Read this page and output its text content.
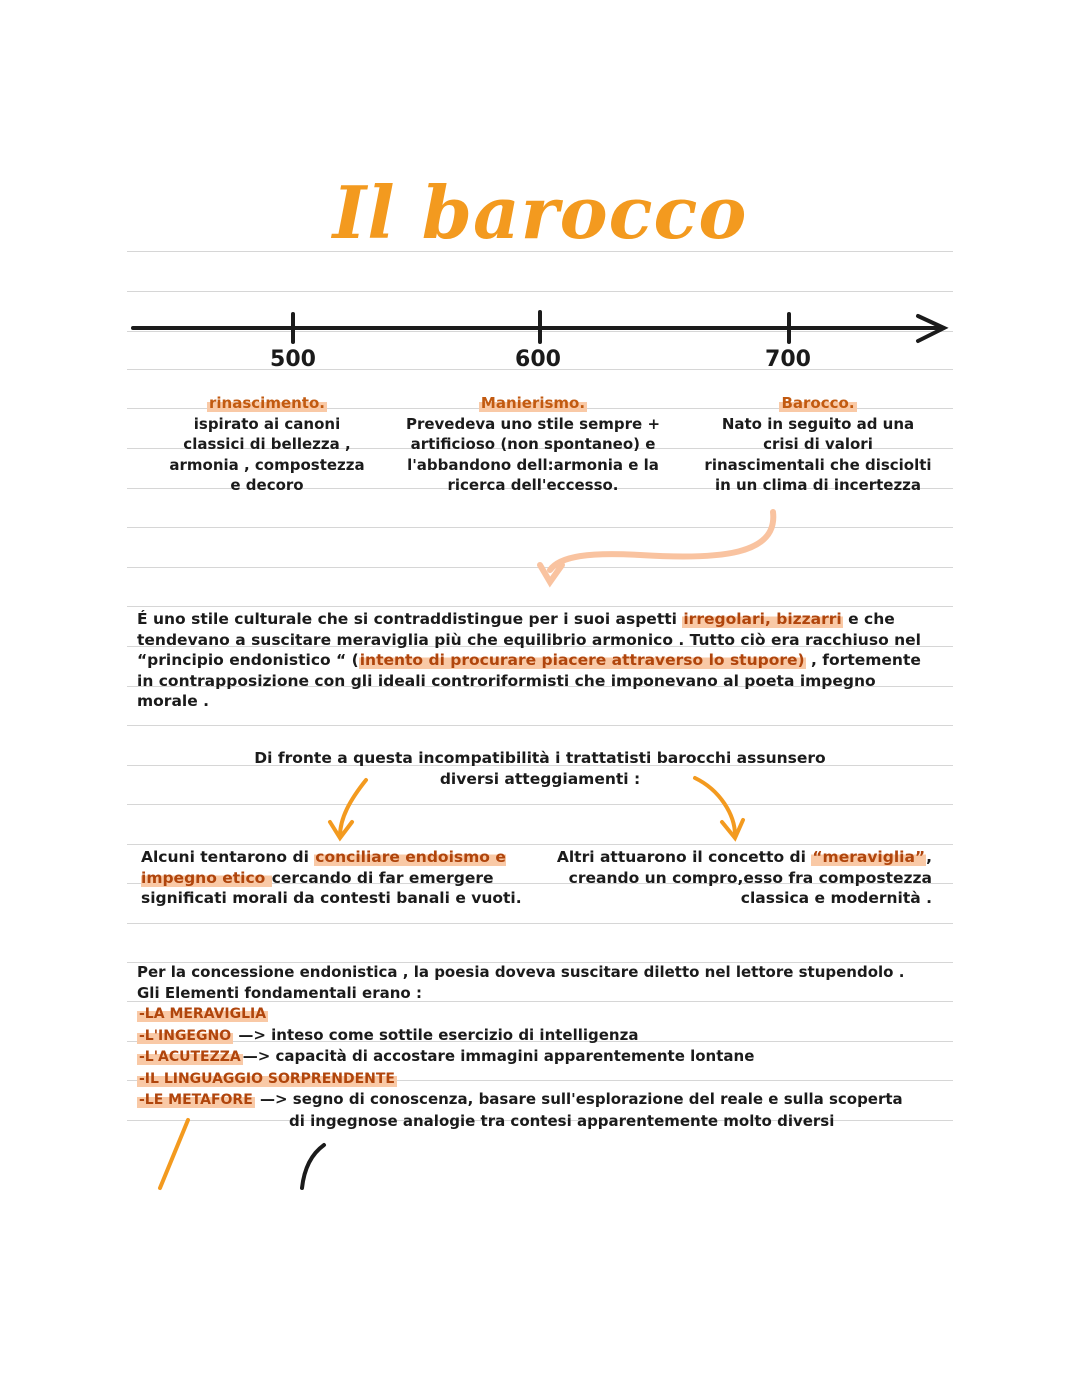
Il barocco
500	600	700
rinascimento.
ispirato ai canoni
classici di bellezza ,
armonia , compostezza
e decoro
Manierismo.
Prevedeva uno stile sempre +
artificioso (non spontaneo) e
l'abbandono dell:armonia e la
ricerca dell'eccesso.
Barocco.
Nato in seguito ad una
crisi di valori
rinascimentali che disciolti
in un clima di incertezza
É uno stile culturale che si contraddistingue per i suoi aspetti irregolari, bizzarri e che tendevano a suscitare meraviglia più che equilibrio armonico . Tutto ciò era racchiuso nel “principio endonistico “ (intento di procurare piacere attraverso lo stupore) , fortemente in contrapposizione con gli ideali controriformisti che imponevano al poeta impegno morale .

Di fronte a questa incompatibilità i trattatisti barocchi assunsero

diversi atteggiamenti :

Alcuni tentarono di conciliare endoismo e impegno etico cercando di far emergere significati morali da contesti banali e vuoti.
Altri attuarono il concetto di “meraviglia”, creando un compro,esso fra compostezza classica e modernità .

Per la concessione endonistica , la poesia doveva suscitare diletto nel lettore stupendolo .

Gli Elementi fondamentali erano :

-LA MERAVIGLIA

-L'INGEGNO —> inteso come sottile esercizio di intelligenza

-L'ACUTEZZA —> capacità di accostare immagini apparentemente lontane

-IL LINGUAGGIO SORPRENDENTE

-LE METAFORE —> segno di conoscenza, basare sull'esplorazione del reale e sulla scoperta

di ingegnose analogie tra contesi apparentemente molto diversi
